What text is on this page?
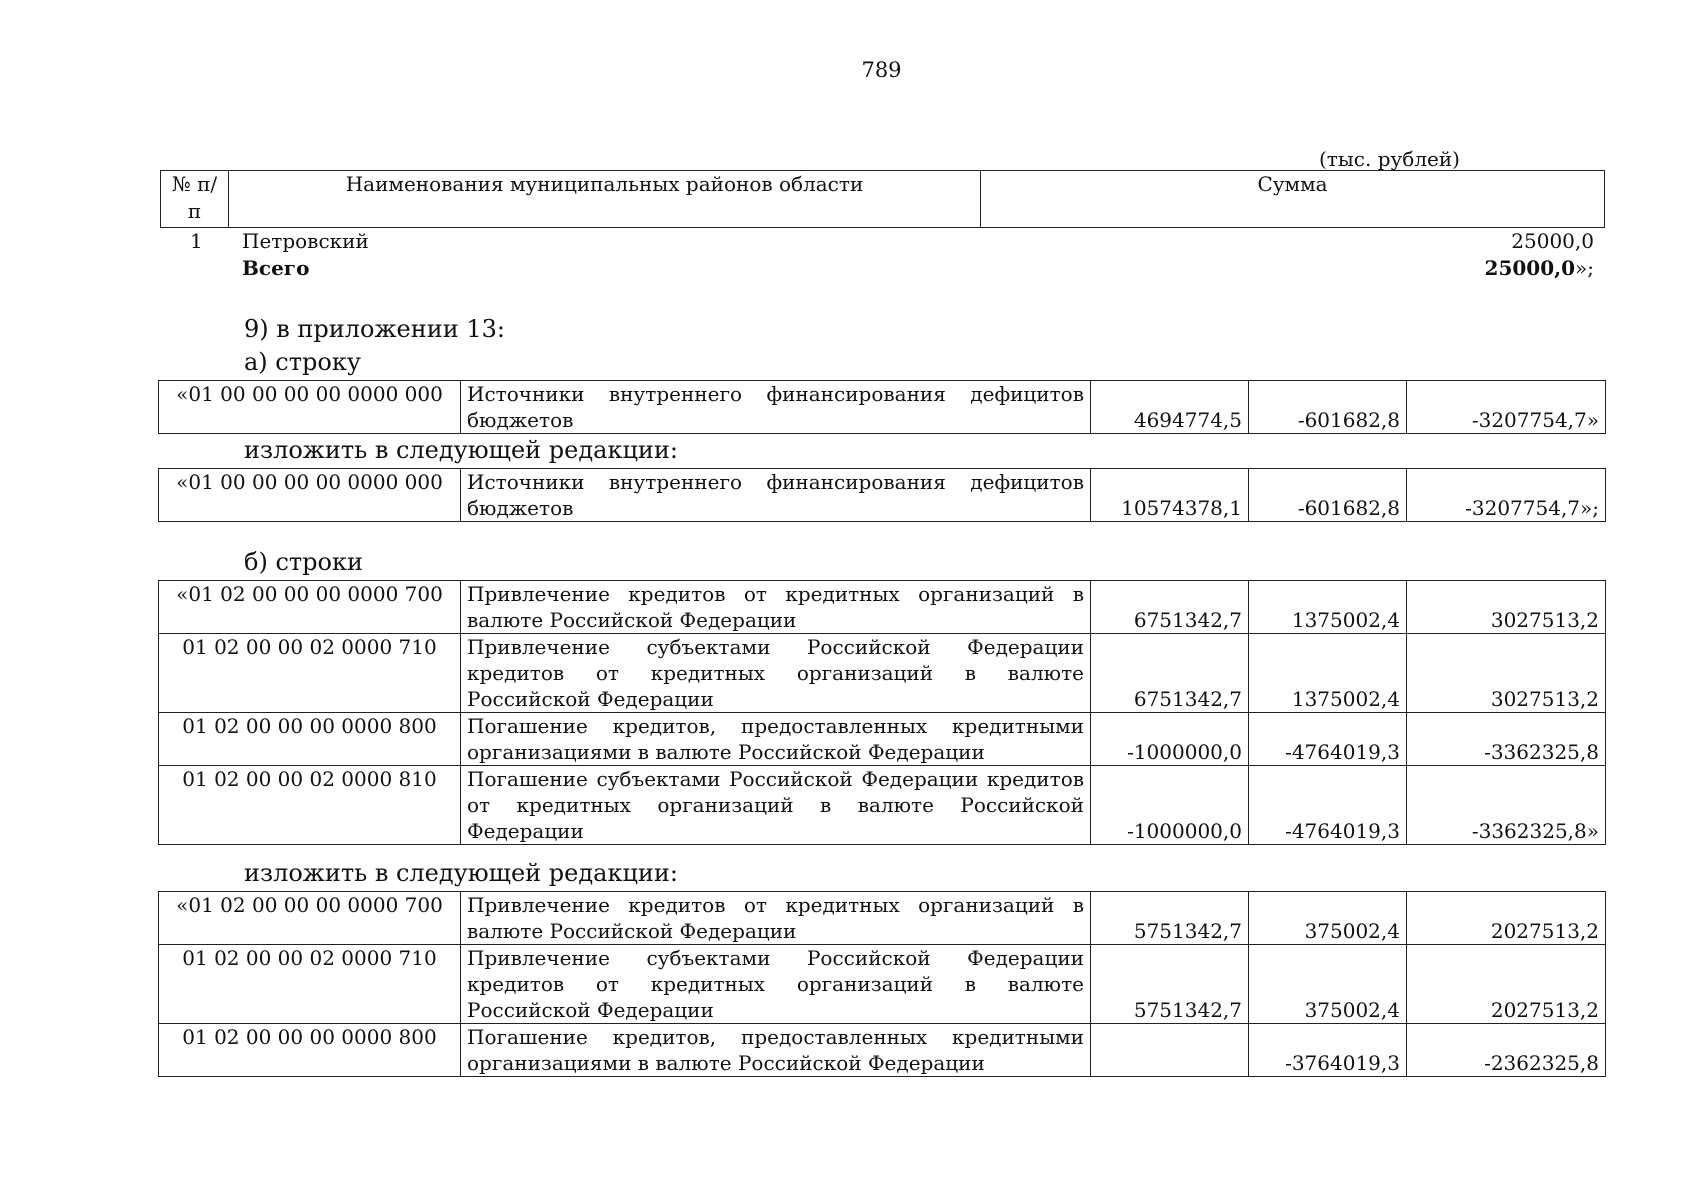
789
(тыс. рублей)
№ п/п	Наименования муниципальных районов области	Сумма
1 Петровский	25000,0
Всего	25000,0»;
9) в приложении 13:
а) строку
«01 00 00 00 00 0000 000	Источники внутреннего финансирования дефицитов бюджетов	4694774,5	-601682,8	-3207754,7»
изложить в следующей редакции:
«01 00 00 00 00 0000 000	Источники внутреннего финансирования дефицитов бюджетов	10574378,1	-601682,8	-3207754,7»;
б) строки
«01 02 00 00 00 0000 700	Привлечение кредитов от кредитных организаций в валюте Российской Федерации	6751342,7	1375002,4	3027513,2
01 02 00 00 02 0000 710	Привлечение субъектами Российской Федерации кредитов от кредитных организаций в валюте Российской Федерации	6751342,7	1375002,4	3027513,2
01 02 00 00 00 0000 800	Погашение кредитов, предоставленных кредитными организациями в валюте Российской Федерации	-1000000,0	-4764019,3	-3362325,8
01 02 00 00 02 0000 810	Погашение субъектами Российской Федерации кредитов от кредитных организаций в валюте Российской Федерации	-1000000,0	-4764019,3	-3362325,8»
изложить в следующей редакции:
«01 02 00 00 00 0000 700	Привлечение кредитов от кредитных организаций в валюте Российской Федерации	5751342,7	375002,4	2027513,2
01 02 00 00 02 0000 710	Привлечение субъектами Российской Федерации кредитов от кредитных организаций в валюте Российской Федерации	5751342,7	375002,4	2027513,2
01 02 00 00 00 0000 800	Погашение кредитов, предоставленных кредитными организациями в валюте Российской Федерации		-3764019,3	-2362325,8
